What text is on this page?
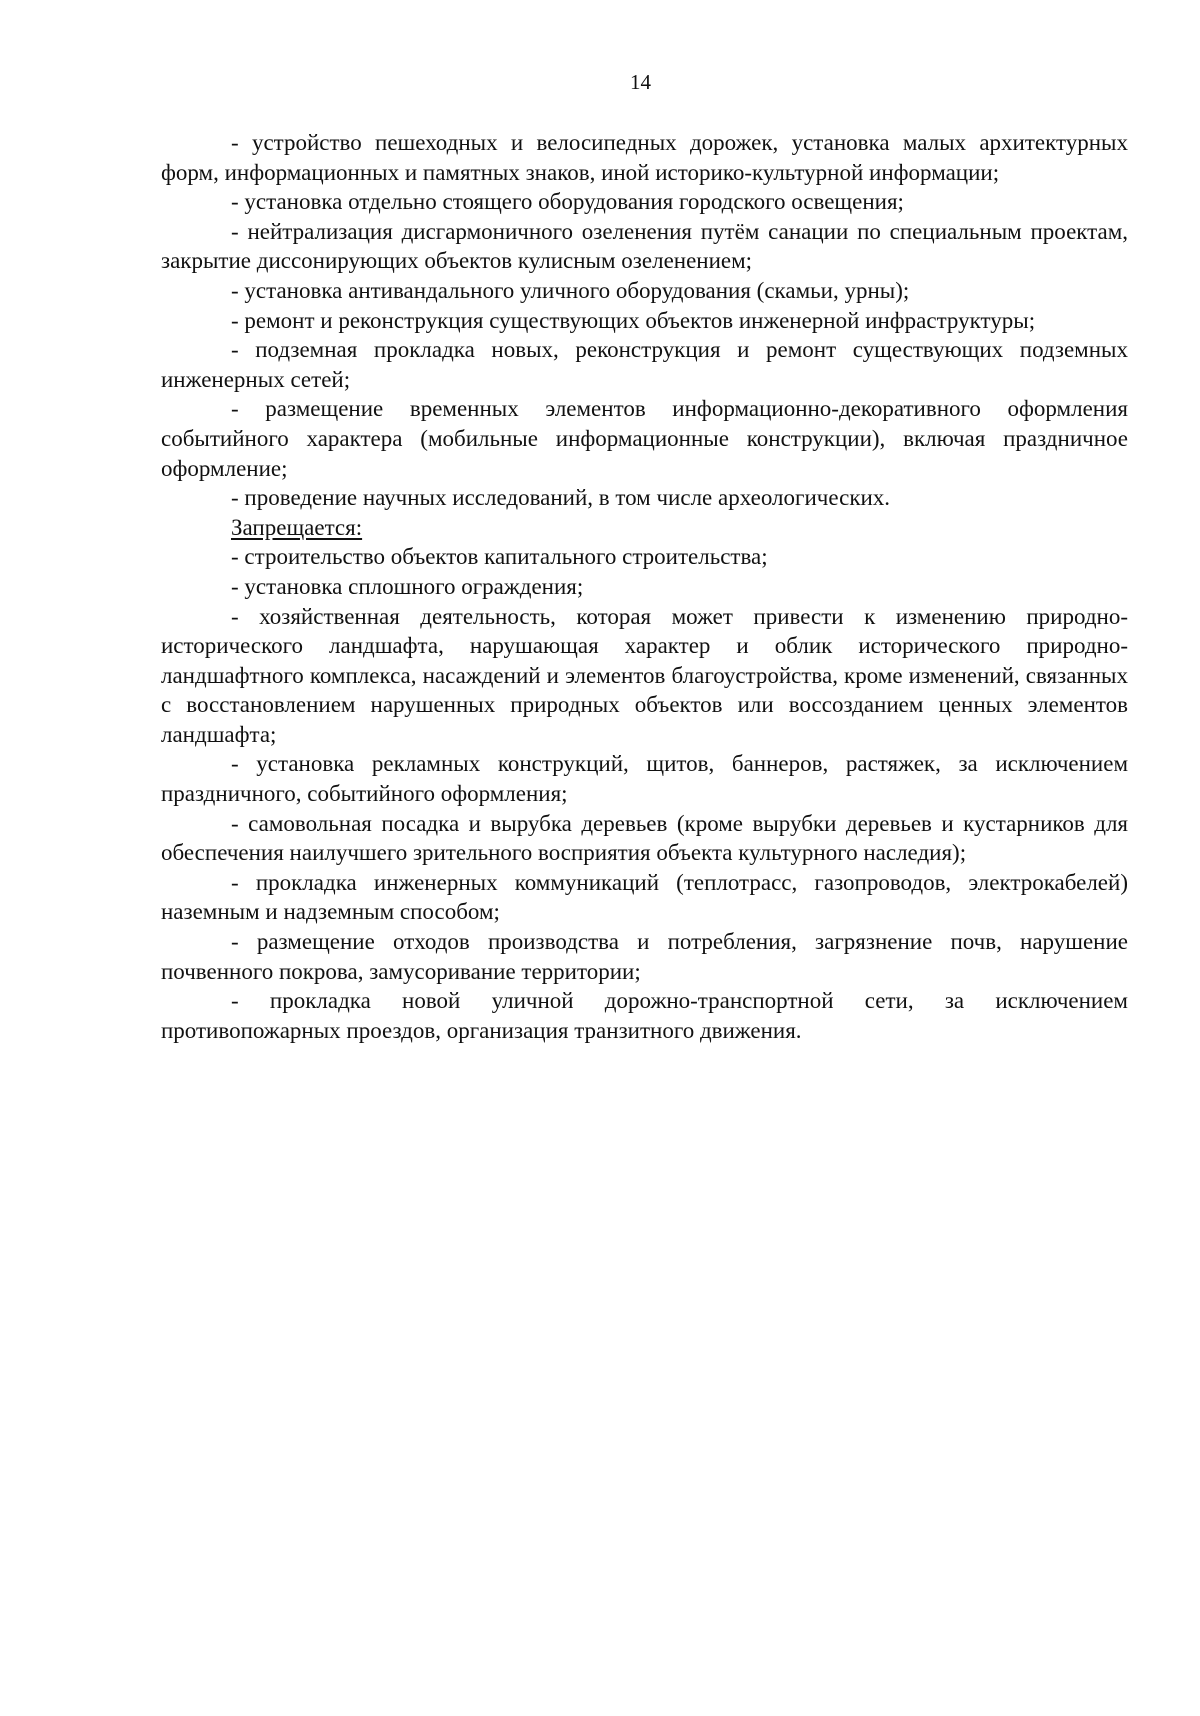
14

- устройство пешеходных и велосипедных дорожек, установка малых архитектурных форм, информационных и памятных знаков, иной историко-культурной информации;

- установка отдельно стоящего оборудования городского освещения;

- нейтрализация дисгармоничного озеленения путём санации по специальным проектам, закрытие диссонирующих объектов кулисным озеленением;

- установка антивандального уличного оборудования (скамьи, урны);

- ремонт и реконструкция существующих объектов инженерной инфраструктуры;

- подземная прокладка новых, реконструкция и ремонт существующих подземных инженерных сетей;

- размещение временных элементов информационно-декоративного оформления событийного характера (мобильные информационные конструкции), включая праздничное оформление;

- проведение научных исследований, в том числе археологических.

Запрещается:

- строительство объектов капитального строительства;

- установка сплошного ограждения;

- хозяйственная деятельность, которая может привести к изменению природно-исторического ландшафта, нарушающая характер и облик исторического природно-ландшафтного комплекса, насаждений и элементов благоустройства, кроме изменений, связанных с восстановлением нарушенных природных объектов или воссозданием ценных элементов ландшафта;

- установка рекламных конструкций, щитов, баннеров, растяжек, за исключением праздничного, событийного оформления;

- самовольная посадка и вырубка деревьев (кроме вырубки деревьев и кустарников для обеспечения наилучшего зрительного восприятия объекта культурного наследия);

- прокладка инженерных коммуникаций (теплотрасс, газопроводов, электрокабелей) наземным и надземным способом;

- размещение отходов производства и потребления, загрязнение почв, нарушение почвенного покрова, замусоривание территории;

- прокладка новой уличной дорожно-транспортной сети, за исключением противопожарных проездов, организация транзитного движения.
